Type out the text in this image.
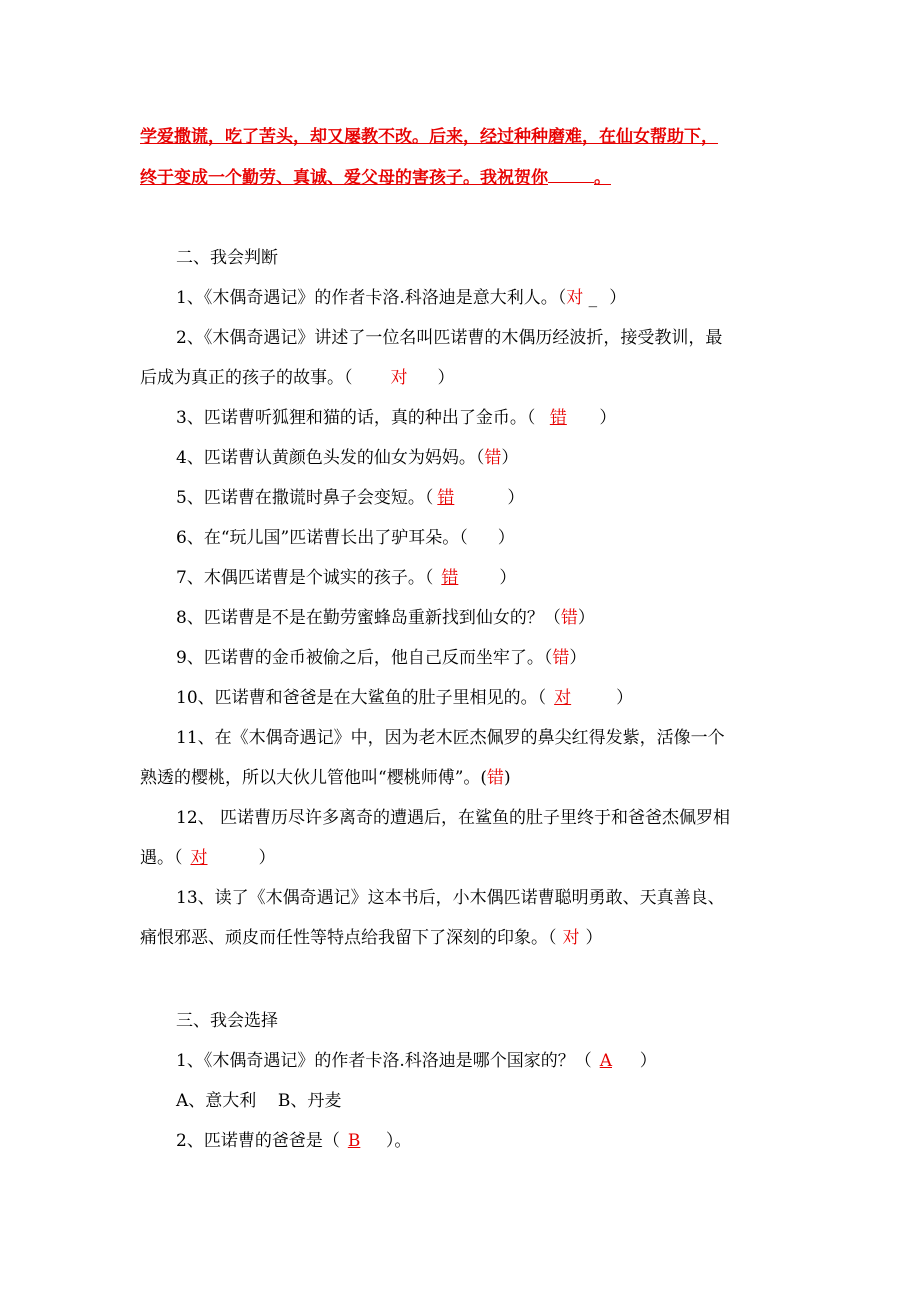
学爱撒谎，吃了苦头，却又屡教不改。后来，经过种种磨难，在仙女帮助下，
终于变成一个勤劳、真诚、爱父母的害孩子。我祝贺你	。
二、我会判断
1、《木偶奇遇记》的作者卡洛.科洛迪是意大利人。（对 _ ）
2、《木偶奇遇记》讲述了一位名叫匹诺曹的木偶历经波折，接受教训，最
后成为真正的孩子的故事。（ 对 ）
3、匹诺曹听狐狸和猫的话，真的种出了金币。（ 错 ）
4、匹诺曹认黄颜色头发的仙女为妈妈。（错）
5、匹诺曹在撒谎时鼻子会变短。（ 错	）
6、在“玩儿国”匹诺曹长出了驴耳朵。（ ）
7、木偶匹诺曹是个诚实的孩子。（ 错 ）
8、匹诺曹是不是在勤劳蜜蜂岛重新找到仙女的？（错）
9、匹诺曹的金币被偷之后，他自己反而坐牢了。（错）
10、匹诺曹和爸爸是在大鲨鱼的肚子里相见的。（ 对	）
11、在《木偶奇遇记》中，因为老木匠杰佩罗的鼻尖红得发紫，活像一个
熟透的樱桃，所以大伙儿管他叫“樱桃师傅”。(错)
12、 匹诺曹历尽许多离奇的遭遇后，在鲨鱼的肚子里终于和爸爸杰佩罗相
遇。（ 对	）
13、读了《木偶奇遇记》这本书后，小木偶匹诺曹聪明勇敢、天真善良、
痛恨邪恶、顽皮而任性等特点给我留下了深刻的印象。（ 对 ）
三、我会选择
1、《木偶奇遇记》的作者卡洛.科洛迪是哪个国家的？（ A ）
A、意大利    B、丹麦
2、匹诺曹的爸爸是（ B ）。
